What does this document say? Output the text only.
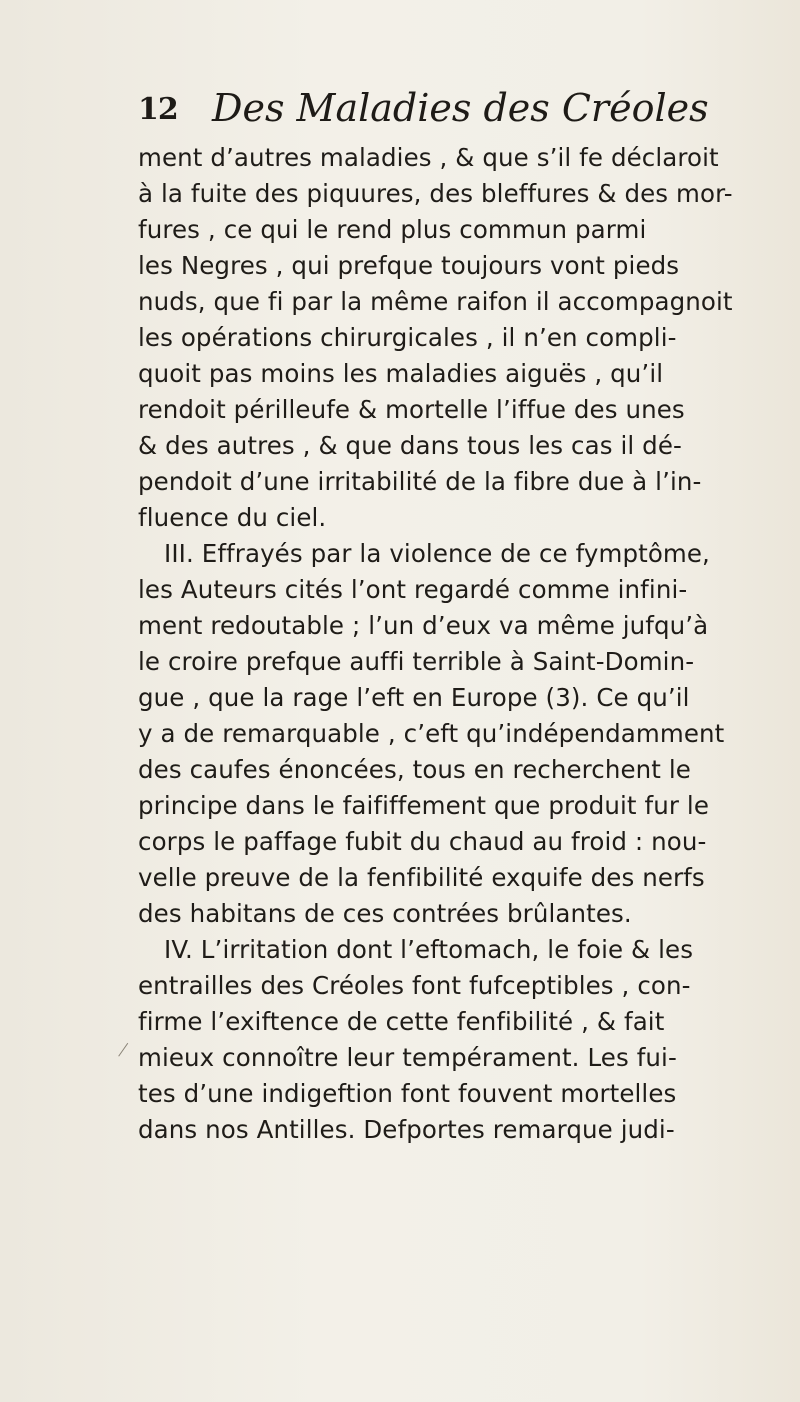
12 Des Maladies des Créoles
ment d’autres maladies , & que s’il fe déclaroit
à la fuite des piquures, des bleffures & des mor-
fures , ce qui le rend plus commun parmi
les Negres , qui prefque toujours vont pieds
nuds, que fi par la même raifon il accompagnoit
les opérations chirurgicales , il n’en compli-
quoit pas moins les maladies aiguës , qu’il
rendoit périlleufe & mortelle l’iffue des unes
& des autres , & que dans tous les cas il dé-
pendoit d’une irritabilité de la fibre due à l’in-
fluence du ciel.
III. Effrayés par la violence de ce fymptôme,
les Auteurs cités l’ont regardé comme infini-
ment redoutable ; l’un d’eux va même jufqu’à
le croire prefque auffi terrible à Saint-Domin-
gue , que la rage l’eft en Europe (3). Ce qu’il
y a de remarquable , c’eft qu’indépendamment
des caufes énoncées, tous en recherchent le
principe dans le faififfement que produit fur le
corps le paffage fubit du chaud au froid : nou-
velle preuve de la fenfibilité exquife des nerfs
des habitans de ces contrées brûlantes.
IV. L’irritation dont l’eftomach, le foie & les
entrailles des Créoles font fufceptibles , con-
firme l’exiftence de cette fenfibilité , & fait
mieux connoître leur tempérament. Les fui-
tes d’une indigeftion font fouvent mortelles
dans nos Antilles. Defportes remarque judi-
